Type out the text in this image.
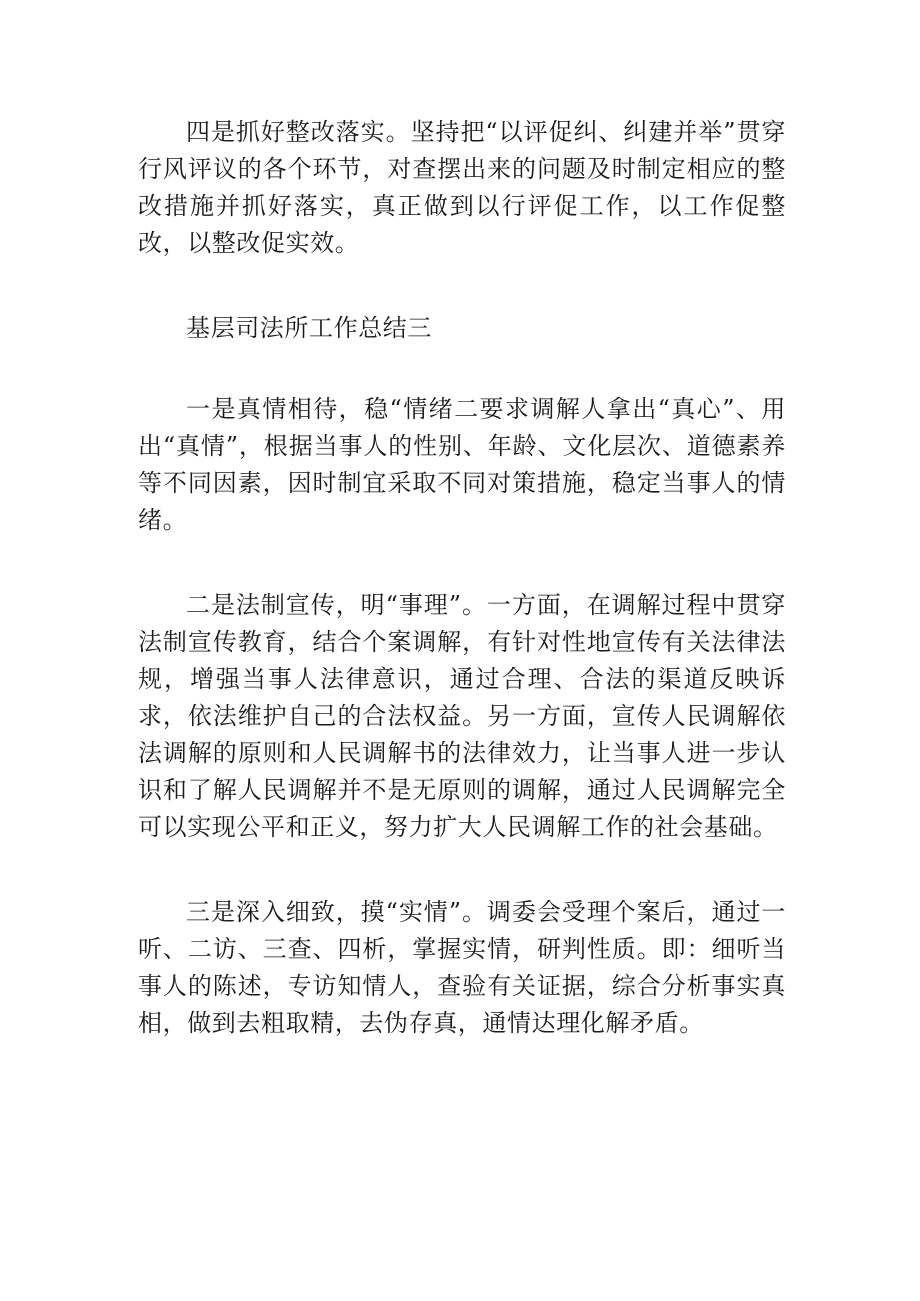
四是抓好整改落实。坚持把“以评促纠、纠建并举”贯穿行风评议的各个环节，对查摆出来的问题及时制定相应的整改措施并抓好落实，真正做到以行评促工作，以工作促整改，以整改促实效。

基层司法所工作总结三

一是真情相待，稳“情绪二要求调解人拿出“真心”、用出“真情”，根据当事人的性别、年龄、文化层次、道德素养等不同因素，因时制宜采取不同对策措施，稳定当事人的情绪。

二是法制宣传，明“事理”。一方面，在调解过程中贯穿法制宣传教育，结合个案调解，有针对性地宣传有关法律法规，增强当事人法律意识，通过合理、合法的渠道反映诉求，依法维护自己的合法权益。另一方面，宣传人民调解依法调解的原则和人民调解书的法律效力，让当事人进一步认识和了解人民调解并不是无原则的调解，通过人民调解完全可以实现公平和正义，努力扩大人民调解工作的社会基础。

三是深入细致，摸“实情”。调委会受理个案后，通过一听、二访、三查、四析，掌握实情，研判性质。即：细听当事人的陈述，专访知情人，查验有关证据，综合分析事实真相，做到去粗取精，去伪存真，通情达理化解矛盾。
